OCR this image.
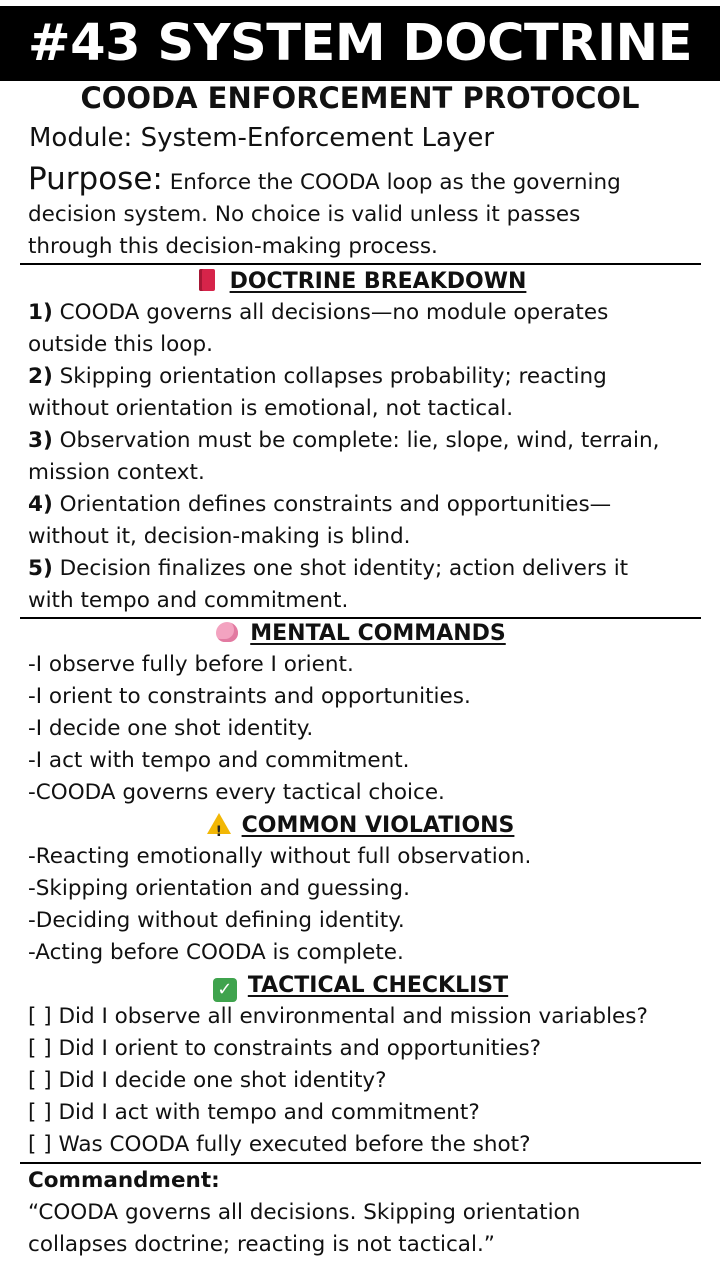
#43 SYSTEM DOCTRINE
COODA ENFORCEMENT PROTOCOL
Module: System-Enforcement Layer
Purpose: Enforce the COODA loop as the governing
decision system. No choice is valid unless it passes
through this decision-making process.
DOCTRINE BREAKDOWN
1) COODA governs all decisions—no module operates
outside this loop.
2) Skipping orientation collapses probability; reacting
without orientation is emotional, not tactical.
3) Observation must be complete: lie, slope, wind, terrain,
mission context.
4) Orientation defines constraints and opportunities—
without it, decision-making is blind.
5) Decision finalizes one shot identity; action delivers it
with tempo and commitment.
MENTAL COMMANDS
-I observe fully before I orient.
-I orient to constraints and opportunities.
-I decide one shot identity.
-I act with tempo and commitment.
-COODA governs every tactical choice.
!COMMON VIOLATIONS
-Reacting emotionally without full observation.
-Skipping orientation and guessing.
-Deciding without defining identity.
-Acting before COODA is complete.
✓ TACTICAL CHECKLIST
[ ] Did I observe all environmental and mission variables?
[ ] Did I orient to constraints and opportunities?
[ ] Did I decide one shot identity?
[ ] Did I act with tempo and commitment?
[ ] Was COODA fully executed before the shot?
Commandment:
“COODA governs all decisions. Skipping orientation
collapses doctrine; reacting is not tactical.”
